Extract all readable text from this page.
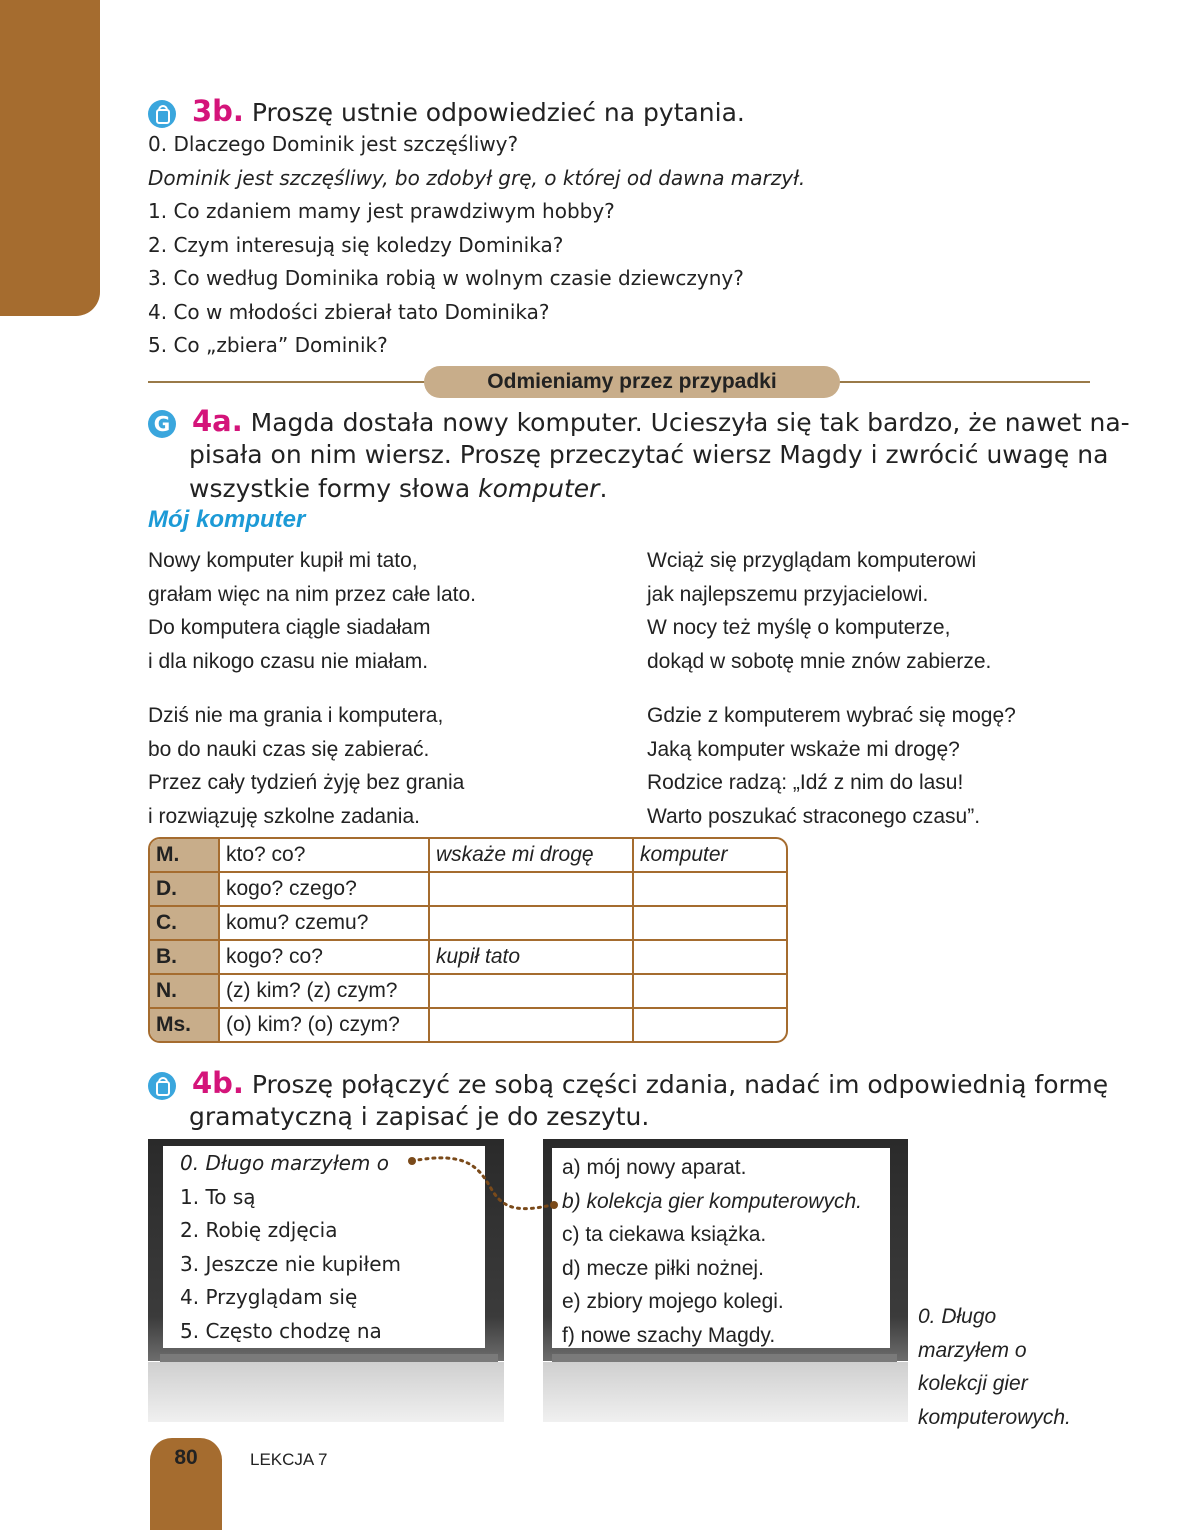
3b. Proszę ustnie odpowiedzieć na pytania.
0. Dlaczego Dominik jest szczęśliwy?
Dominik jest szczęśliwy, bo zdobył grę, o której od dawna marzył.
1. Co zdaniem mamy jest prawdziwym hobby?
2. Czym interesują się koledzy Dominika?
3. Co według Dominika robią w wolnym czasie dziewczyny?
4. Co w młodości zbierał tato Dominika?
5. Co „zbiera” Dominik?
Odmieniamy przez przypadki
G 4a. Magda dostała nowy komputer. Ucieszyła się tak bardzo, że nawet na-
pisała on nim wiersz. Proszę przeczytać wiersz Magdy i zwrócić uwagę na
wszystkie formy słowa komputer.
Mój komputer
Nowy komputer kupił mi tato,
grałam więc na nim przez całe lato.
Do komputera ciągle siadałam
i dla nikogo czasu nie miałam.
Dziś nie ma grania i komputera,
bo do nauki czas się zabierać.
Przez cały tydzień żyję bez grania
i rozwiązuję szkolne zadania.
Wciąż się przyglądam komputerowi
jak najlepszemu przyjacielowi.
W nocy też myślę o komputerze,
dokąd w sobotę mnie znów zabierze.
Gdzie z komputerem wybrać się mogę?
Jaką komputer wskaże mi drogę?
Rodzice radzą: „Idź z nim do lasu!
Warto poszukać straconego czasu”.
M.	kto? co?	wskaże mi drogę	komputer
D.	kogo? czego?		
C.	komu? czemu?		
B.	kogo? co?	kupił tato	
N.	(z) kim? (z) czym?		
Ms.	(o) kim? (o) czym?		
4b. Proszę połączyć ze sobą części zdania, nadać im odpowiednią formę
gramatyczną i zapisać je do zeszytu.
0. Długo marzyłem o
1. To są
2. Robię zdjęcia
3. Jeszcze nie kupiłem
4. Przyglądam się
5. Często chodzę na
a) mój nowy aparat.
b) kolekcja gier komputerowych.
c) ta ciekawa książka.
d) mecze piłki nożnej.
e) zbiory mojego kolegi.
f) nowe szachy Magdy.
0. Długo
marzyłem o
kolekcji gier
komputerowych.
80	LEKCJA 7
